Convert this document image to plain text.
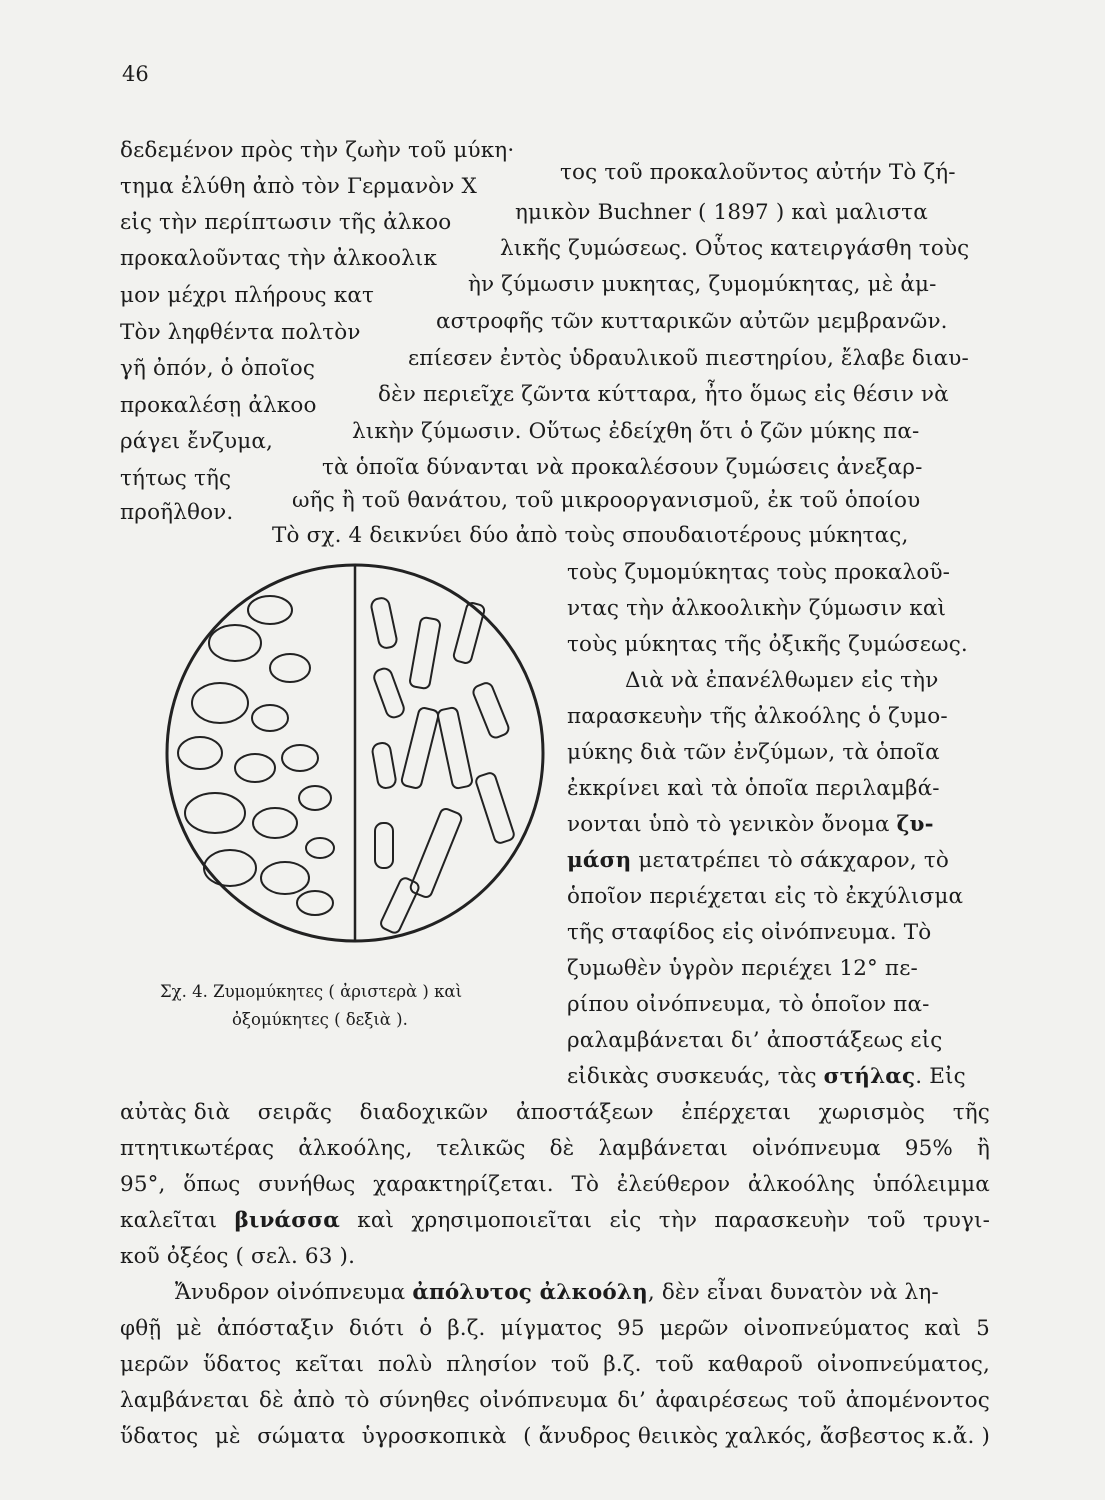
46
δεδεμένον πρὸς τὴν ζωὴν τοῦ μύκη·
τημα ἐλύθη ἀπὸ τὸν Γερμανὸν Χ
εἰς τὴν περίπτωσιν τῆς ἀλκοο
προκαλοῦντας τὴν ἀλκοολικ
μον μέχρι πλήρους κατ
Τὸν ληφθέντα πολτὸν
γῆ ὀπόν, ὁ ὁποῖος
προκαλέσῃ ἀλκοο
ράγει ἔνζυμα,
τήτως τῆς
προῆλθον.
τος τοῦ προκαλοῦντος αὐτήν Τὸ ζή-
ημικὸν Buchner ( 1897 ) καὶ μαλιστα
λικῆς ζυμώσεως. Οὗτος κατειργάσθη τοὺς
ὴν ζύμωσιν μυκητας, ζυμομύκητας, μὲ ἀμ-
αστροφῆς τῶν κυτταρικῶν αὐτῶν μεμβρανῶν.
επίεσεν ἐντὸς ὑδραυλικοῦ πιεστηρίου, ἔλαβε διαυ-
δὲν περιεῖχε ζῶντα κύτταρα, ἦτο ὅμως εἰς θέσιν νὰ
λικὴν ζύμωσιν. Οὕτως ἐδείχθη ὅτι ὁ ζῶν μύκης πα-
τὰ ὁποῖα δύνανται νὰ προκαλέσουν ζυμώσεις ἀνεξαρ-
ωῆς ἢ τοῦ θανάτου, τοῦ μικροοργανισμοῦ, ἐκ τοῦ ὁποίου
Τὸ σχ. 4 δεικνύει δύο ἀπὸ τοὺς σπουδαιοτέρους μύκητας,
Σχ. 4. Ζυμομύκητες ( ἀριστερὰ ) καὶ
ὀξομύκητες ( δεξιὰ ).
τοὺς ζυμομύκητας τοὺς προκαλοῦ-
ντας τὴν ἀλκοολικὴν ζύμωσιν καὶ
τοὺς μύκητας τῆς ὀξικῆς ζυμώσεως.
Διὰ νὰ ἐπανέλθωμεν εἰς τὴν
παρασκευὴν τῆς ἀλκοόλης ὁ ζυμο-
μύκης διὰ τῶν ἐνζύμων, τὰ ὁποῖα
ἐκκρίνει καὶ τὰ ὁποῖα περιλαμβά-
νονται ὑπὸ τὸ γενικὸν ὄνομα ζυ-
μάση μετατρέπει τὸ σάκχαρον, τὸ
ὁποῖον περιέχεται εἰς τὸ ἐκχύλισμα
τῆς σταφίδος εἰς οἰνόπνευμα. Τὸ
ζυμωθὲν ὑγρὸν περιέχει 12° πε-
ρίπου οἰνόπνευμα, τὸ ὁποῖον πα-
ραλαμβάνεται δι’ ἀποστάξεως εἰς
εἰδικὰς συσκευάς, τὰς στήλας. Εἰς
αὐτὰς διὰ σειρᾶς διαδοχικῶν ἀποστάξεων ἐπέρχεται χωρισμὸς τῆς
πτητικωτέρας ἀλκοόλης, τελικῶς δὲ λαμβάνεται οἰνόπνευμα 95% ἢ
95°, ὅπως συνήθως χαρακτηρίζεται. Τὸ ἐλεύθερον ἀλκοόλης ὑπόλειμμα
καλεῖται βινάσσα καὶ χρησιμοποιεῖται εἰς τὴν παρασκευὴν τοῦ τρυγι-
κοῦ ὀξέος ( σελ. 63 ).
Ἄνυδρον οἰνόπνευμα ἀπόλυτος ἀλκοόλη, δὲν εἶναι δυνατὸν νὰ λη-
φθῇ μὲ ἀπόσταξιν διότι ὁ β.ζ. μίγματος 95 μερῶν οἰνοπνεύματος καὶ 5
μερῶν ὕδατος κεῖται πολὺ πλησίον τοῦ β.ζ. τοῦ καθαροῦ οἰνοπνεύματος,
λαμβάνεται δὲ ἀπὸ τὸ σύνηθες οἰνόπνευμα δι’ ἀφαιρέσεως τοῦ ἀπομένοντος
ὕδατος μὲ σώματα ὑγροσκοπικὰ ( ἄνυδρος θειικὸς χαλκός, ἄσβεστος κ.ἄ. )
